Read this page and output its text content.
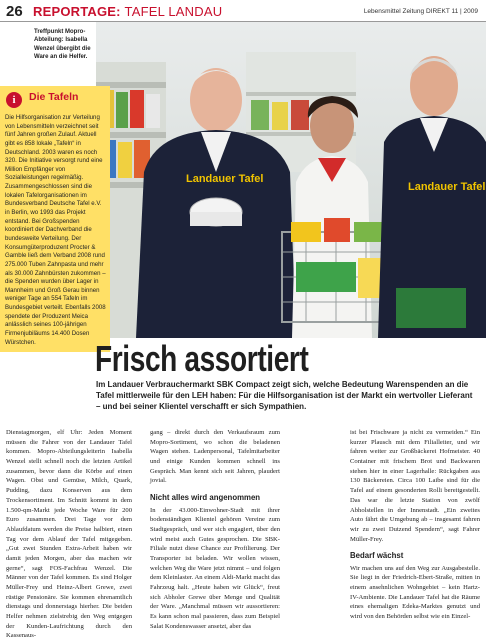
26 REPORTAGE: TAFEL LANDAU	Lebensmittel Zeitung DIREKT 11 | 2009
Landauer Tafel
Landauer Tafel
Treffpunkt Mopro-Abteilung: Isabella Wenzel übergibt die Ware an die Helfer.
i	Die Tafeln
Die Hilfsorganisation zur Verteilung von Lebensmitteln verzeichnet seit fünf Jahren großen Zulauf. Aktuell gibt es 858 lokale „Tafeln“ in Deutschland. 2003 waren es noch 320. Die Initiative versorgt rund eine Million Empfänger von Sozialleistungen regelmäßig. Zusammengeschlossen sind die lokalen Tafelorganisationen im Bundesverband Deutsche Tafel e.V. in Berlin, wo 1993 das Projekt entstand. Bei Großspenden koordiniert der Dachverband die bundesweite Verteilung. Der Konsumgüterproduzent Procter & Gamble ließ dem Verband 2008 rund 275.000 Tuben Zahnpasta und mehr als 30.000 Zahnbürsten zukommen – die Spenden wurden über Lager in Mannheim und Groß Gerau binnen weniger Tage an 554 Tafeln im Bundesgebiet verteilt. Ebenfalls 2008 spendete der Produzent Meica anlässlich seines 100-jährigen Firmenjubiläums 14.400 Dosen Würstchen.	Frisch assortiert
Im Landauer Verbrauchermarkt SBK Compact zeigt sich, welche Bedeutung Warenspenden an die Tafel mittlerweile für den LEH haben: Für die Hilfsorganisation ist der Markt ein wertvoller Lieferant – und bei seiner Klientel verschafft er sich Sympathien.

Dienstagmorgen, elf Uhr: Jeden Moment müssen die Fahrer von der Landauer Tafel kommen. Mopro-Abteilungsleiterin Isabella Wenzel stellt schnell noch die letzten Artikel zusammen, bevor dann die Körbe auf einen Wagen. Obst und Gemüse, Milch, Quark, Pudding, dazu Konserven aus dem Trockensortiment. Im Schnitt kommt in dem 1.500-qm-Markt jede Woche Ware für 200 Euro zusammen. Drei Tage vor dem Ablaufdatum werden die Preise halbiert, einen Tag vor dem Ablauf der Tafel mitgegeben. „Gut zwei Stunden Extra-Arbeit haben wir damit jeden Morgen, aber das machen wir gerne“, sagt FOS-Fachfrau Wenzel. Die Männer von der Tafel kommen. Es sind Holger Müller-Frey und Heinz-Albert Grewe, zwei rüstige Pensionäre. Sie kommen ehrenamtlich dienstags und donnerstags hierher. Die beiden Helfer nehmen zielstrebig den Weg entgegen der Kunden-Laufrichtung durch den Kassenaus-

gang – direkt durch den Verkaufsraum zum Mopro-Sortiment, wo schon die beladenen Wagen stehen. Ladenpersonal, Tafelmitarbeiter und einige Kunden kommen schnell ins Gespräch. Man kennt sich seit Jahren, plaudert jovial.

Nicht alles wird angenommen

In der 43.000-Einwohner-Stadt mit ihrer bodenständigen Klientel gehören Vereine zum Stadtgespräch, und wer sich engagiert, über den wird meist auch Gutes gesprochen. Die SBK-Filiale nutzt diese Chance zur Profilierung. Der Transporter ist beladen. Wir wollen wissen, welchen Weg die Ware jetzt nimmt – und folgen dem Kleinlaster. An einem Aldi-Markt macht das Fahrzeug halt. „Heute haben wir Glück“, freut sich Abholer Grewe über Menge und Qualität der Ware. „Manchmal müssen wir aussortieren: Es kann schon mal passieren, dass zum Beispiel Salat Kondenswasser ansetzt, aber das

ist bei Frischware ja nicht zu vermeiden.“ Ein kurzer Plausch mit dem Filialleiter, und wir fahren weiter zur Großbäckerei Hofmeister. 40 Container mit frischem Brot und Backwaren stehen hier in einer Lagerhalle: Rückgaben aus 130 Bäckereien. Circa 100 Laibe sind für die Tafel auf einem gesonderten Rolli bereitgestellt. Das war die letzte Station von zwölf Abholstellen in der Innenstadt. „Ein zweites Auto fährt die Umgebung ab – insgesamt fahren wir zu zwei Dutzend Spendern“, sagt Fahrer Müller-Frey.

Bedarf wächst

Wir machen uns auf den Weg zur Ausgabestelle. Sie liegt in der Friedrich-Ebert-Straße, mitten in einem ansehnlichen Wohngebiet – kein Hartz-IV-Ambiente. Die Landauer Tafel hat die Räume eines ehemaligen Edeka-Marktes genutzt und wird von den Behörden selbst wie ein Einzel-
